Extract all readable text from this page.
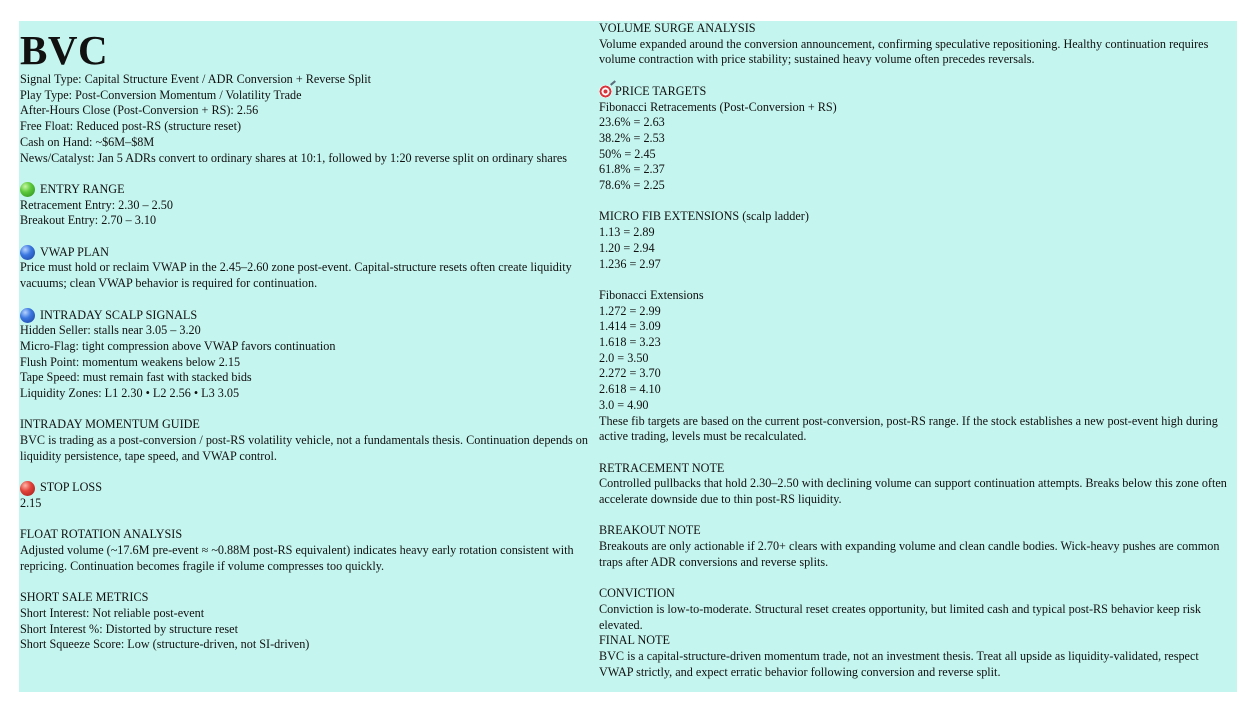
BVC

Signal Type: Capital Structure Event / ADR Conversion + Reverse Split

Play Type: Post-Conversion Momentum / Volatility Trade

After-Hours Close (Post-Conversion + RS): 2.56

Free Float: Reduced post-RS (structure reset)

Cash on Hand: ~$6M–$8M

News/Catalyst: Jan 5 ADRs convert to ordinary shares at 10:1, followed by 1:20 reverse split on ordinary shares

ENTRY RANGE

Retracement Entry: 2.30 – 2.50

Breakout Entry: 2.70 – 3.10

VWAP PLAN

Price must hold or reclaim VWAP in the 2.45–2.60 zone post-event. Capital-structure resets often create liquidity vacuums; clean VWAP behavior is required for continuation.

INTRADAY SCALP SIGNALS

Hidden Seller: stalls near 3.05 – 3.20

Micro-Flag: tight compression above VWAP favors continuation

Flush Point: momentum weakens below 2.15

Tape Speed: must remain fast with stacked bids

Liquidity Zones: L1 2.30 • L2 2.56 • L3 3.05

INTRADAY MOMENTUM GUIDE

BVC is trading as a post-conversion / post-RS volatility vehicle, not a fundamentals thesis. Continuation depends on liquidity persistence, tape speed, and VWAP control.

STOP LOSS

2.15

FLOAT ROTATION ANALYSIS

Adjusted volume (~17.6M pre-event ≈ ~0.88M post-RS equivalent) indicates heavy early rotation consistent with repricing. Continuation becomes fragile if volume compresses too quickly.

SHORT SALE METRICS

Short Interest: Not reliable post-event

Short Interest %: Distorted by structure reset

Short Squeeze Score: Low (structure-driven, not SI-driven)

VOLUME SURGE ANALYSIS

Volume expanded around the conversion announcement, confirming speculative repositioning. Healthy continuation requires volume contraction with price stability; sustained heavy volume often precedes reversals.

PRICE TARGETS

Fibonacci Retracements (Post-Conversion + RS)

23.6% = 2.63

38.2% = 2.53

50% = 2.45

61.8% = 2.37

78.6% = 2.25

MICRO FIB EXTENSIONS (scalp ladder)

1.13 = 2.89

1.20 = 2.94

1.236 = 2.97

Fibonacci Extensions

1.272 = 2.99

1.414 = 3.09

1.618 = 3.23

2.0 = 3.50

2.272 = 3.70

2.618 = 4.10

3.0 = 4.90

These fib targets are based on the current post-conversion, post-RS range. If the stock establishes a new post-event high during active trading, levels must be recalculated.

RETRACEMENT NOTE

Controlled pullbacks that hold 2.30–2.50 with declining volume can support continuation attempts. Breaks below this zone often accelerate downside due to thin post-RS liquidity.

BREAKOUT NOTE

Breakouts are only actionable if 2.70+ clears with expanding volume and clean candle bodies. Wick-heavy pushes are common traps after ADR conversions and reverse splits.

CONVICTION

Conviction is low-to-moderate. Structural reset creates opportunity, but limited cash and typical post-RS behavior keep risk elevated.

FINAL NOTE

BVC is a capital-structure-driven momentum trade, not an investment thesis. Treat all upside as liquidity-validated, respect VWAP strictly, and expect erratic behavior following conversion and reverse split.
